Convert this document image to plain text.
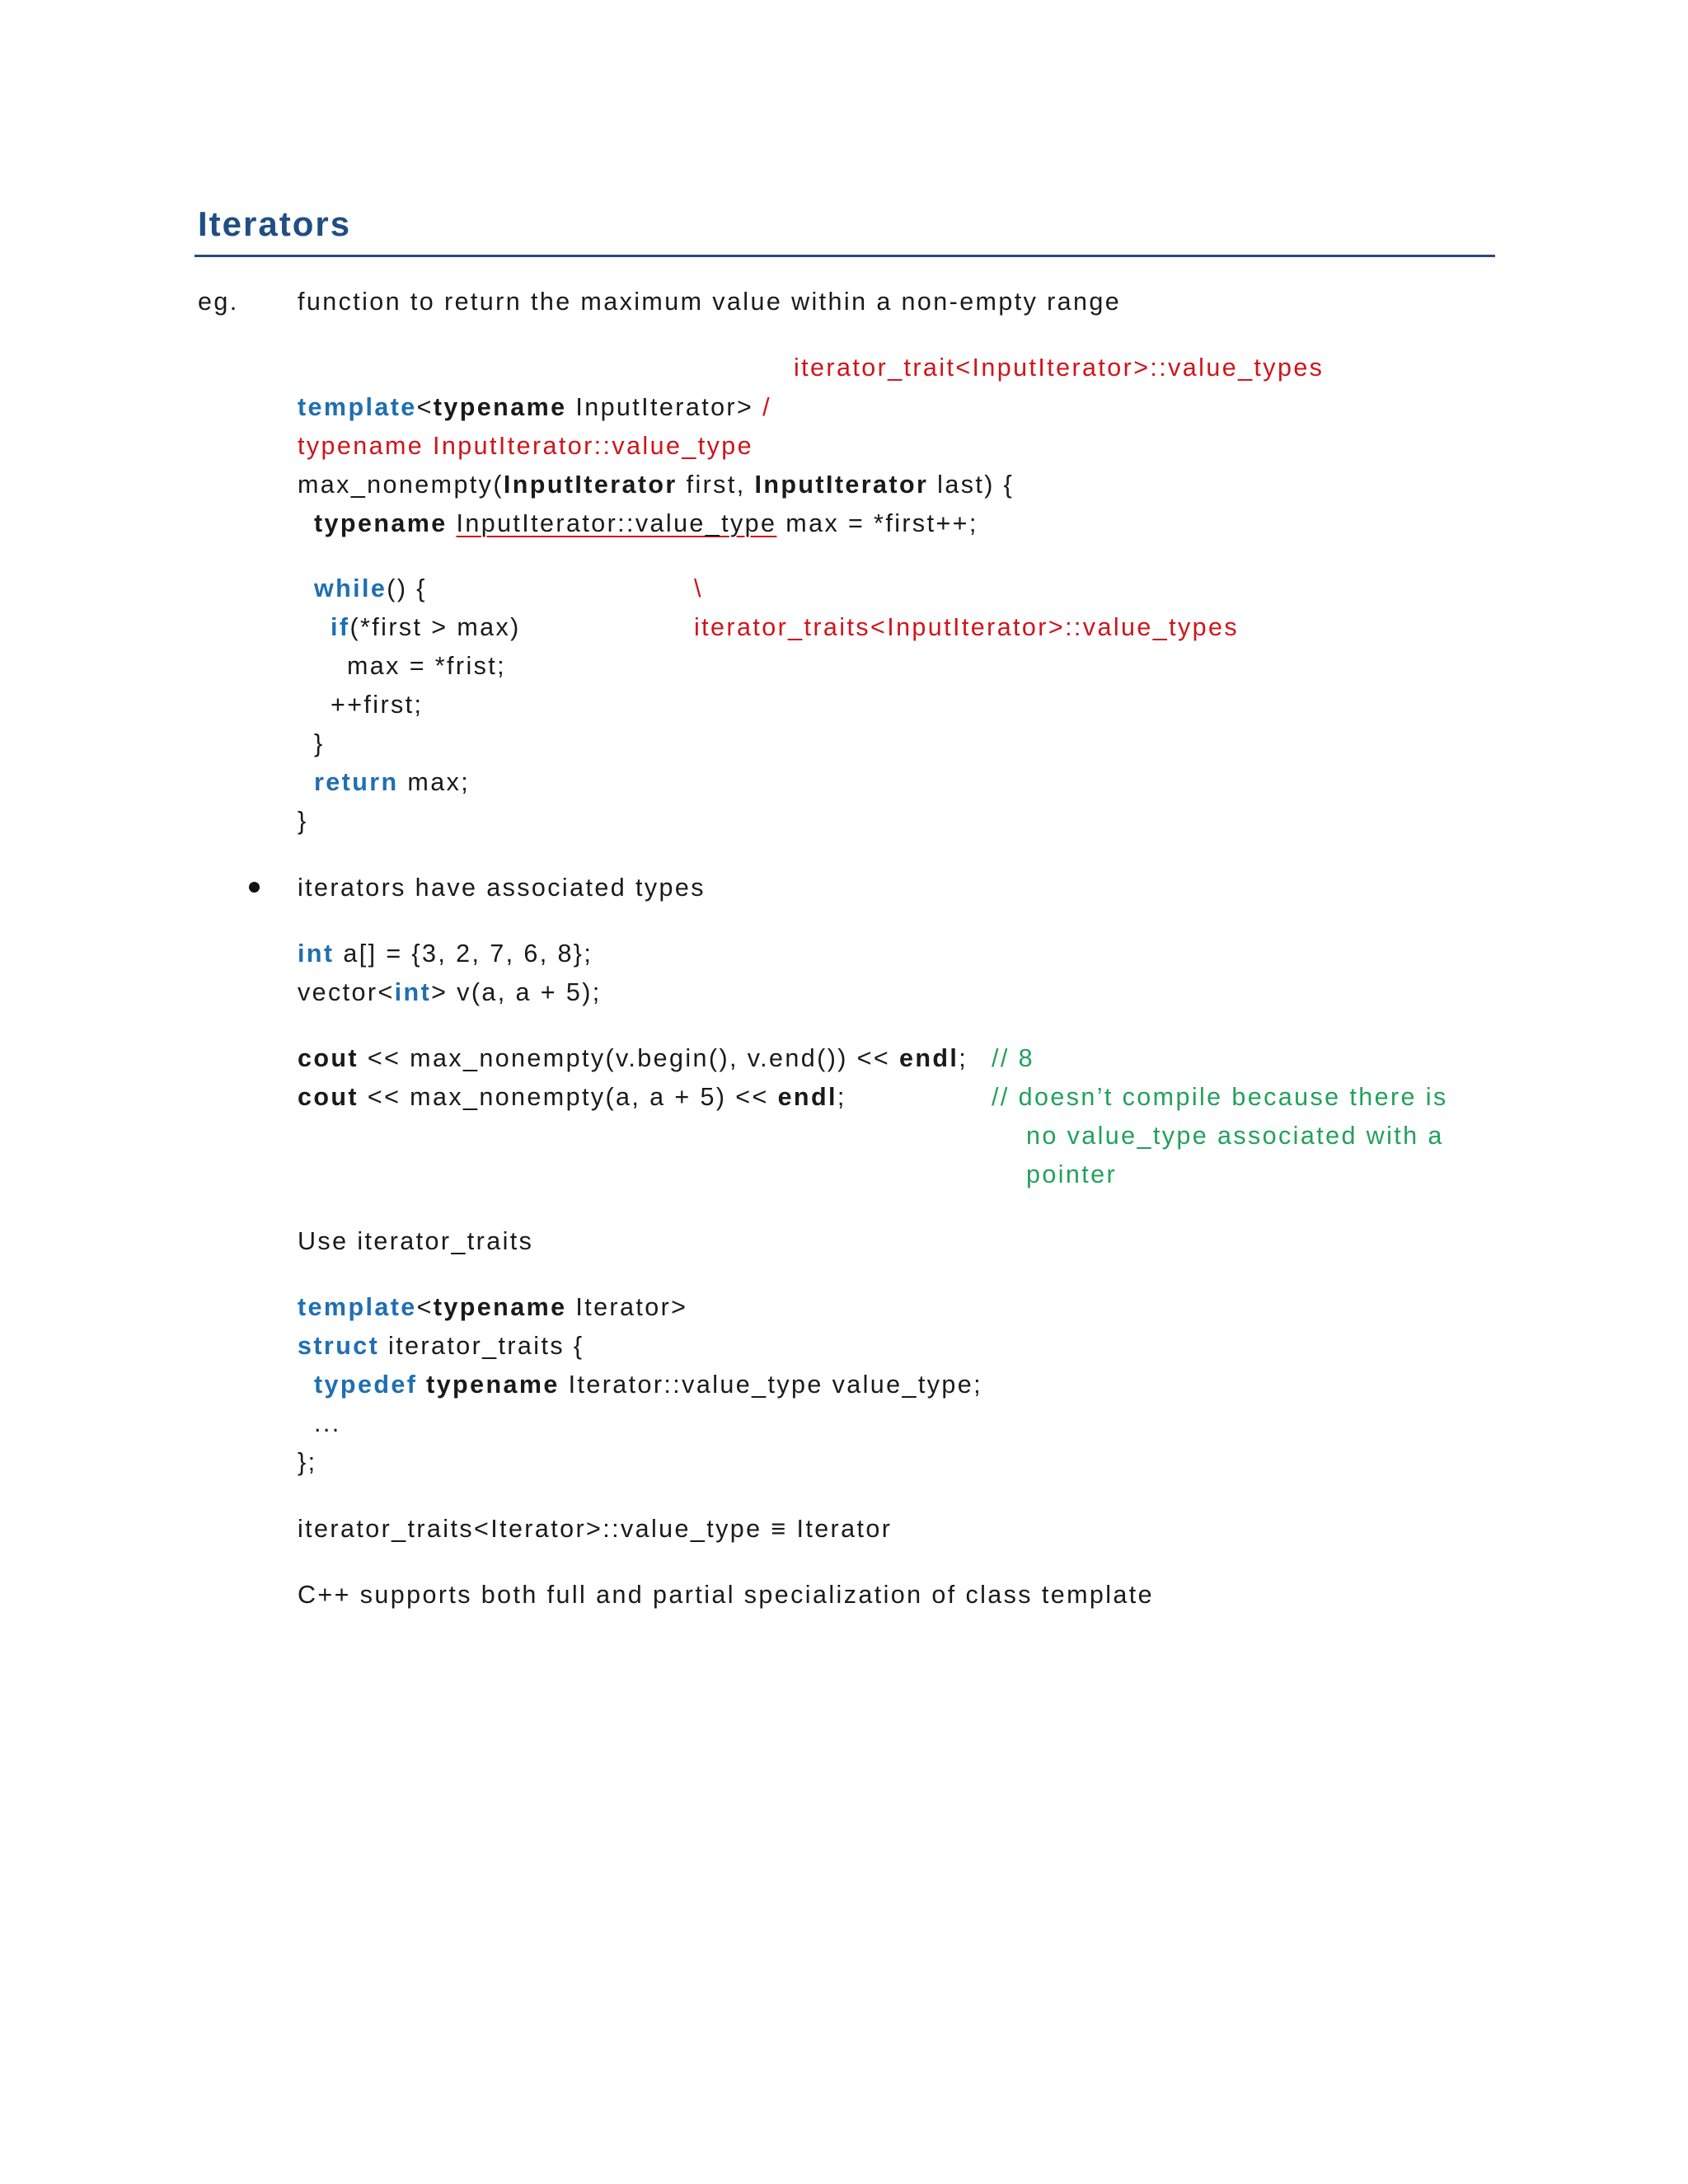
Iterators
eg. function to return the maximum value within a non-empty range
iterator_trait<InputIterator>::value_types
template<typename InputIterator> /
typename InputIterator::value_type
max_nonempty(InputIterator first, InputIterator last) {
typename InputIterator::value_type max = *first++;
while() {	\
if(*first > max)	iterator_traits<InputIterator>::value_types
max = *frist;
++first;
}
return max;
}
iterators have associated types
int a[] = {3, 2, 7, 6, 8};
vector<int> v(a, a + 5);
cout << max_nonempty(v.begin(), v.end()) << endl; // 8
cout << max_nonempty(a, a + 5) << endl;	// doesn’t compile because there is
no value_type associated with a
pointer
Use iterator_traits
template<typename Iterator>
struct iterator_traits {
typedef typename Iterator::value_type value_type;
...
};
iterator_traits<Iterator>::value_type ≡ Iterator
C++ supports both full and partial specialization of class template
